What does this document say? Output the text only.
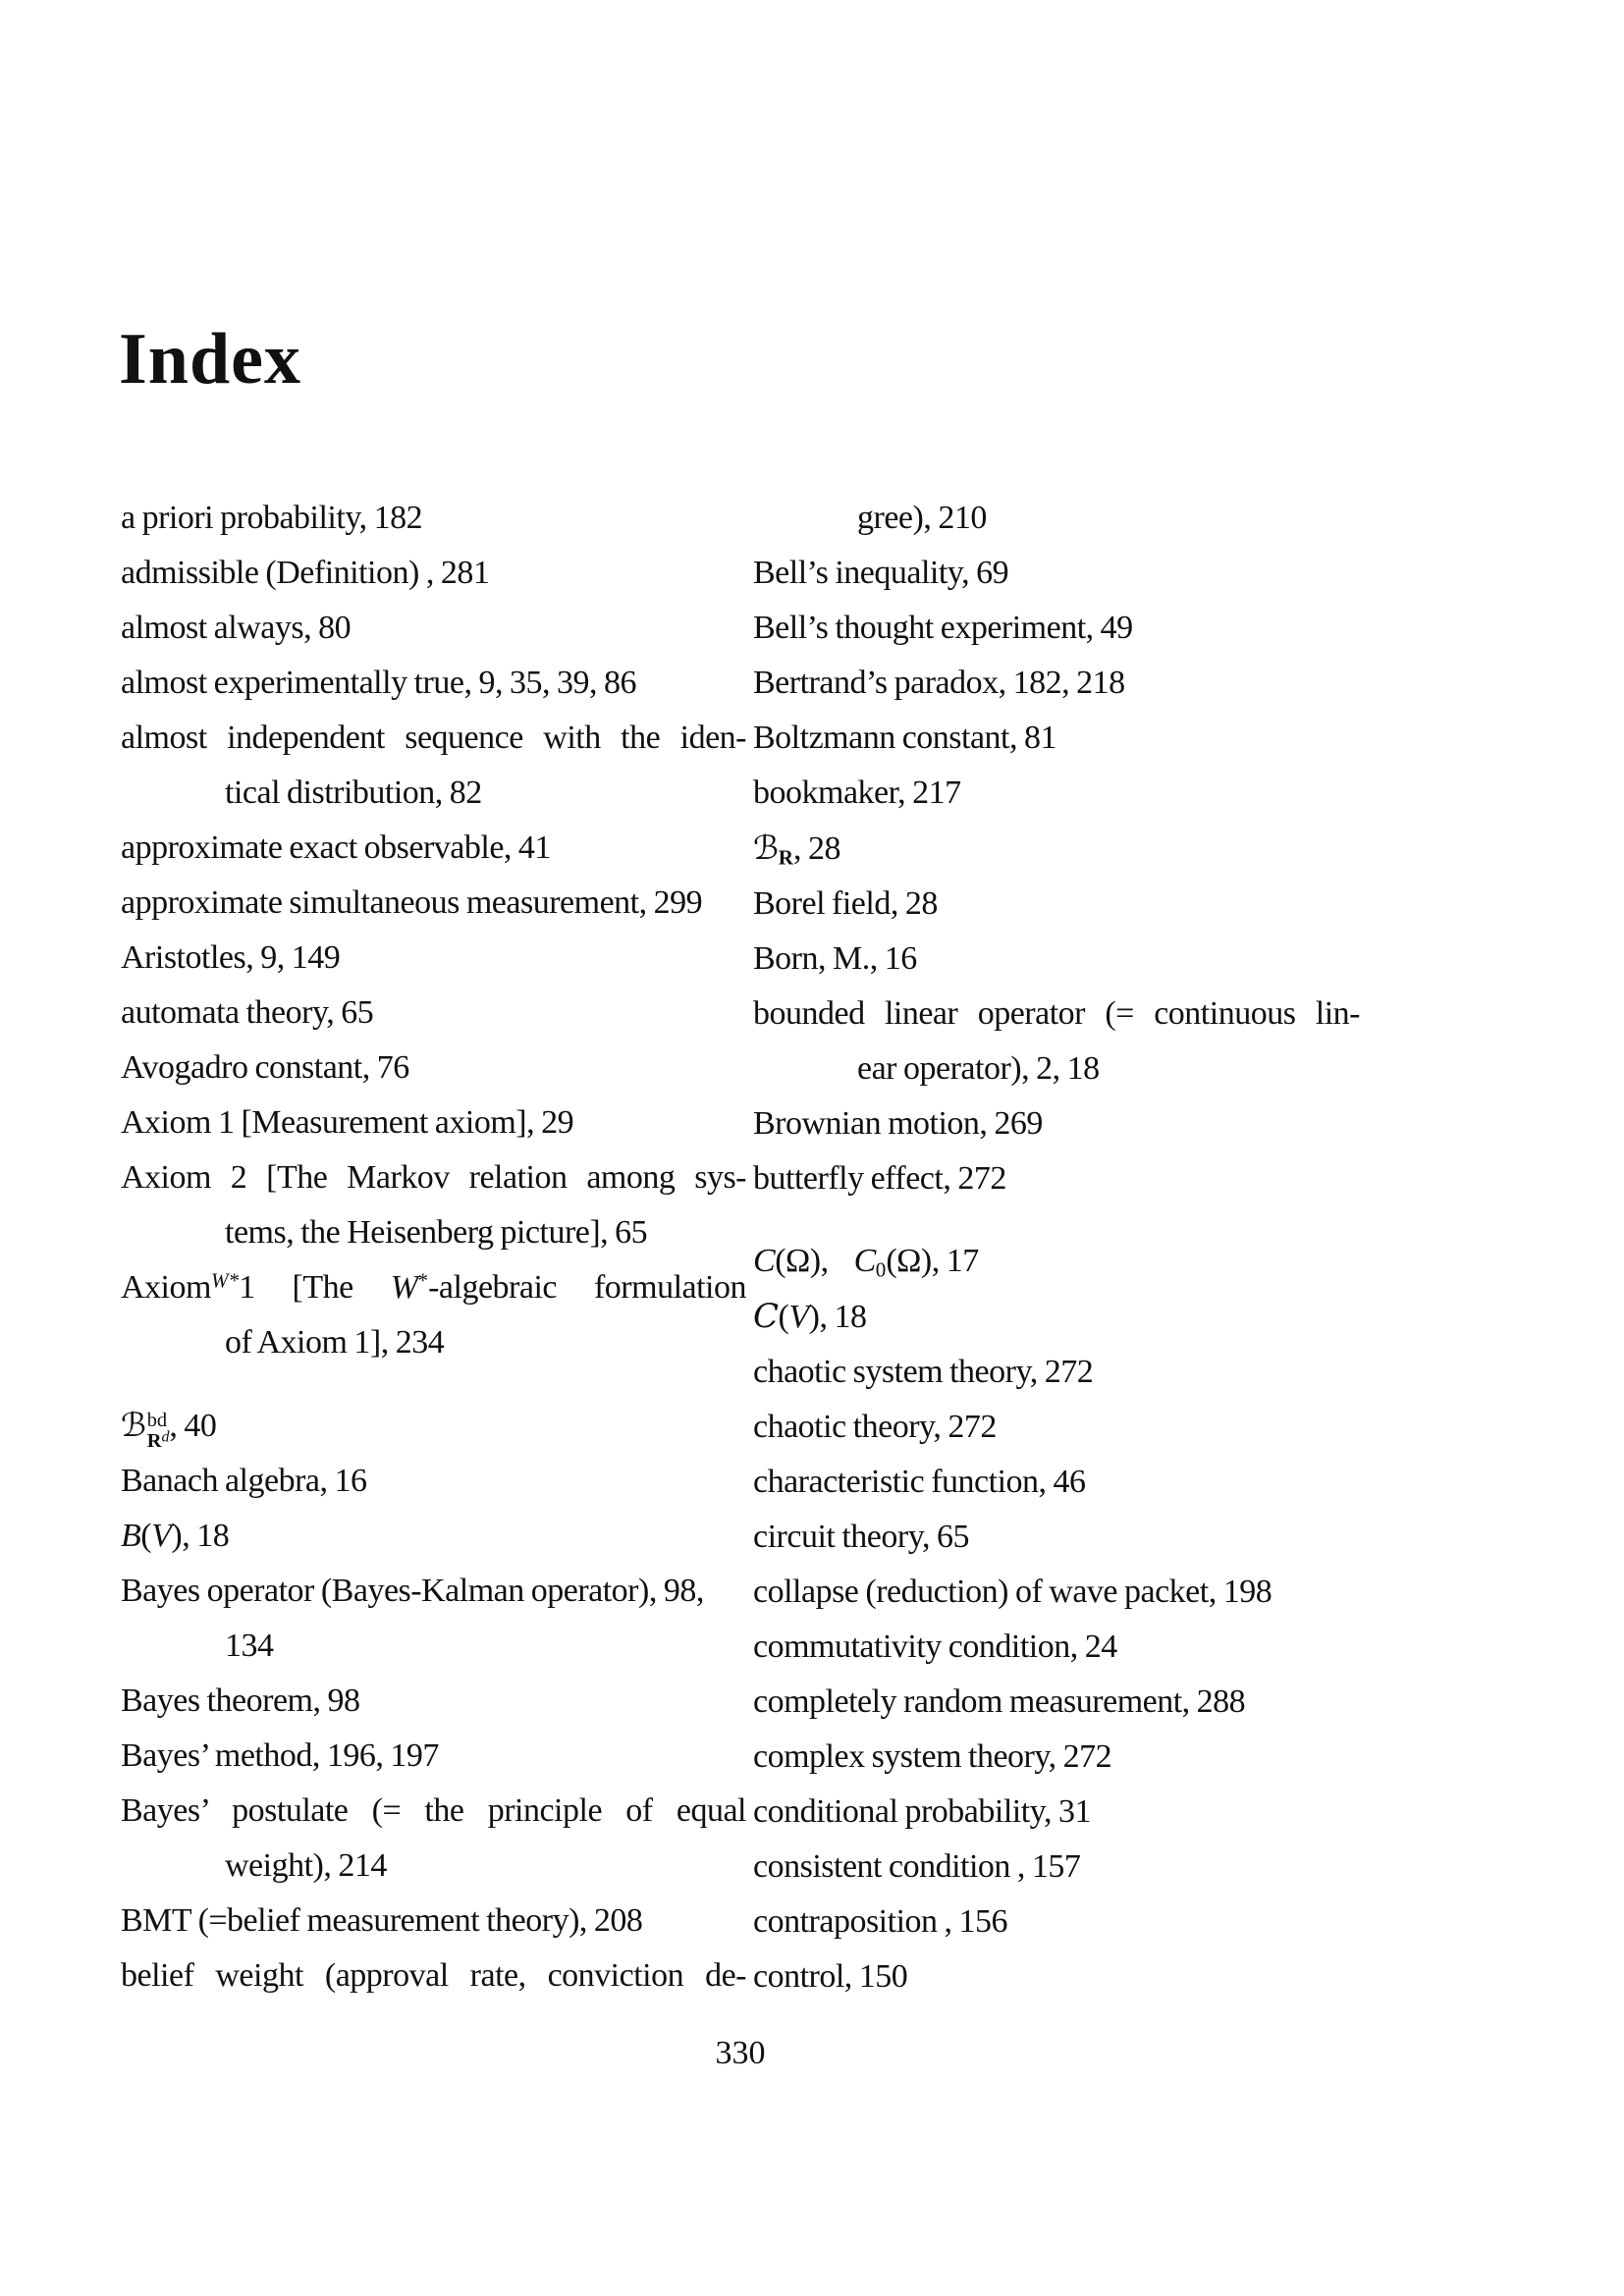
Index
a priori probability, 182
admissible (Definition) , 281
almost always, 80
almost experimentally true, 9, 35, 39, 86
almost independent sequence with the iden-
tical distribution, 82
approximate exact observable, 41
approximate simultaneous measurement, 299
Aristotles, 9, 149
automata theory, 65
Avogadro constant, 76
Axiom 1 [Measurement axiom], 29
Axiom 2 [The Markov relation among sys-
tems, the Heisenberg picture], 65
Axiom$^{W*}$1 [The W*-algebraic formulation
of Axiom 1], 234
ℬ bd
$R^d$ , 40
Banach algebra, 16
B(V), 18
Bayes operator (Bayes-Kalman operator), 98,
134
Bayes theorem, 98
Bayes’ method, 196, 197
Bayes’ postulate (= the principle of equal
weight), 214
BMT (=belief measurement theory), 208
belief weight (approval rate, conviction de-
gree), 210
Bell’s inequality, 69
Bell’s thought experiment, 49
Bertrand’s paradox, 182, 218
Boltzmann constant, 81
bookmaker, 217
ℬ$_R$, 28
Borel field, 28
Born, M., 16
bounded linear operator (= continuous lin-
ear operator), 2, 18
Brownian motion, 269
butterfly effect, 272
C(Ω), $C_0(\Omega)$, 17
C(V), 18
chaotic system theory, 272
chaotic theory, 272
characteristic function, 46
circuit theory, 65
collapse (reduction) of wave packet, 198
commutativity condition, 24
completely random measurement, 288
complex system theory, 272
conditional probability, 31
consistent condition , 157
contraposition , 156
control, 150
330
